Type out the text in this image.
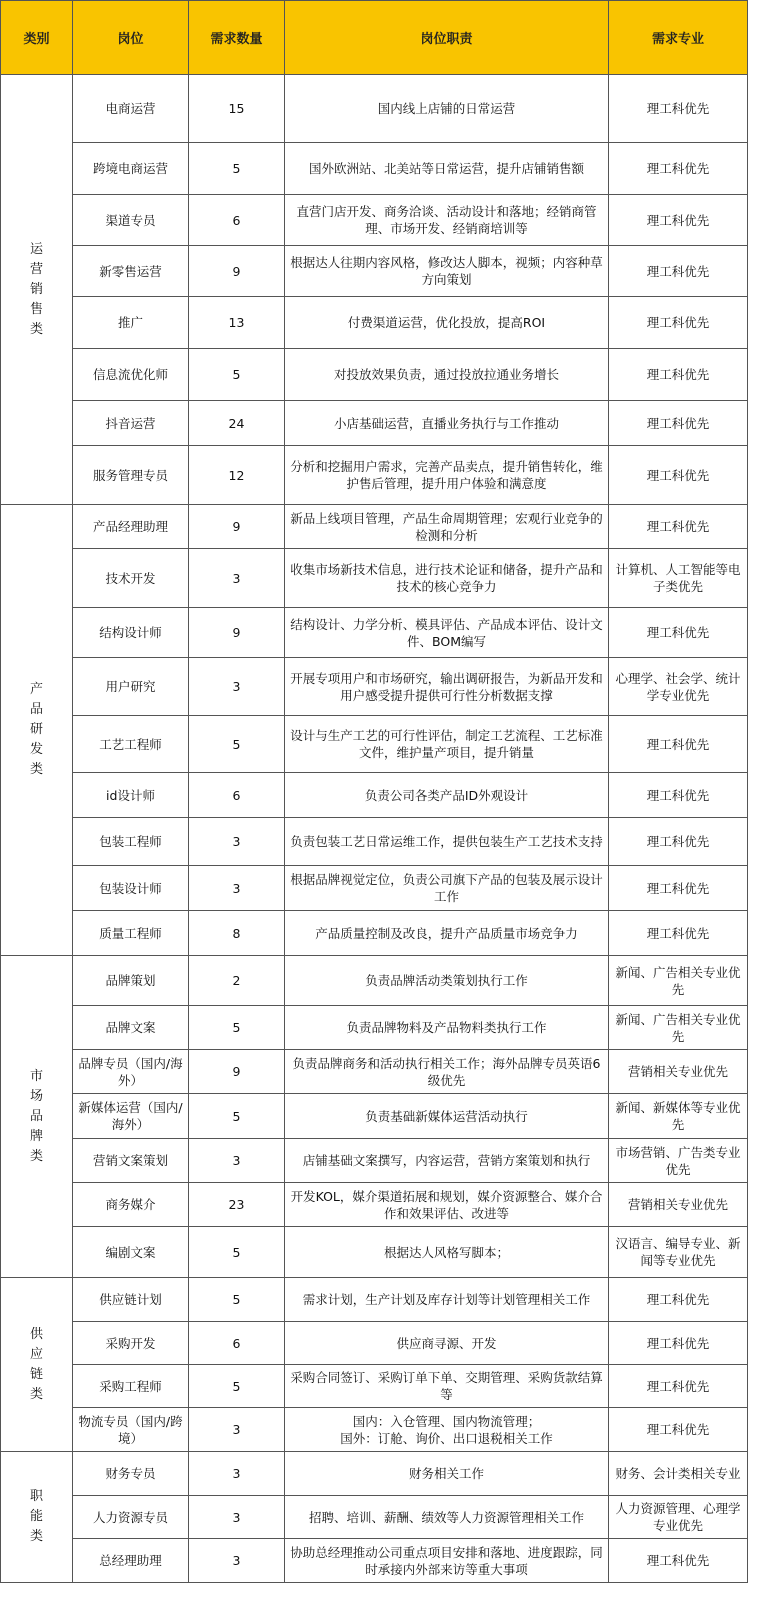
类别	岗位	需求数量	岗位职责	需求专业
运营销售类	电商运营	15	国内线上店铺的日常运营	理工科优先
	跨境电商运营	5	国外欧洲站、北美站等日常运营，提升店铺销售额	理工科优先
	渠道专员	6	直营门店开发、商务洽谈、活动设计和落地；经销商管理、市场开发、经销商培训等	理工科优先
	新零售运营	9	根据达人往期内容风格，修改达人脚本，视频；内容种草方向策划	理工科优先
	推广	13	付费渠道运营，优化投放，提高ROI	理工科优先
	信息流优化师	5	对投放效果负责，通过投放拉通业务增长	理工科优先
	抖音运营	24	小店基础运营，直播业务执行与工作推动	理工科优先
	服务管理专员	12	分析和挖掘用户需求，完善产品卖点，提升销售转化，维护售后管理，提升用户体验和满意度	理工科优先
产品研发类	产品经理助理	9	新品上线项目管理，产品生命周期管理；宏观行业竞争的检测和分析	理工科优先
	技术开发	3	收集市场新技术信息，进行技术论证和储备，提升产品和技术的核心竞争力	计算机、人工智能等电子类优先
	结构设计师	9	结构设计、力学分析、模具评估、产品成本评估、设计文件、BOM编写	理工科优先
	用户研究	3	开展专项用户和市场研究，输出调研报告，为新品开发和用户感受提升提供可行性分析数据支撑	心理学、社会学、统计学专业优先
	工艺工程师	5	设计与生产工艺的可行性评估，制定工艺流程、工艺标准文件，维护量产项目，提升销量	理工科优先
	id设计师	6	负责公司各类产品ID外观设计	理工科优先
	包装工程师	3	负责包装工艺日常运维工作，提供包装生产工艺技术支持	理工科优先
	包装设计师	3	根据品牌视觉定位，负责公司旗下产品的包装及展示设计工作	理工科优先
	质量工程师	8	产品质量控制及改良，提升产品质量市场竞争力	理工科优先
市场品牌类	品牌策划	2	负责品牌活动类策划执行工作	新闻、广告相关专业优先
	品牌文案	5	负责品牌物料及产品物料类执行工作	新闻、广告相关专业优先
	品牌专员（国内/海外）	9	负责品牌商务和活动执行相关工作；海外品牌专员英语6级优先	营销相关专业优先
	新媒体运营（国内/海外）	5	负责基础新媒体运营活动执行	新闻、新媒体等专业优先
	营销文案策划	3	店铺基础文案撰写，内容运营，营销方案策划和执行	市场营销、广告类专业优先
	商务媒介	23	开发KOL，媒介渠道拓展和规划，媒介资源整合、媒介合作和效果评估、改进等	营销相关专业优先
	编剧文案	5	根据达人风格写脚本；	汉语言、编导专业、新闻等专业优先
供应链类	供应链计划	5	需求计划，生产计划及库存计划等计划管理相关工作	理工科优先
	采购开发	6	供应商寻源、开发	理工科优先
	采购工程师	5	采购合同签订、采购订单下单、交期管理、采购货款结算等	理工科优先
	物流专员（国内/跨境）	3	国内：入仓管理、国内物流管理；
国外：订舱、询价、出口退税相关工作	理工科优先
职能类	财务专员	3	财务相关工作	财务、会计类相关专业
	人力资源专员	3	招聘、培训、薪酬、绩效等人力资源管理相关工作	人力资源管理、心理学专业优先
	总经理助理	3	协助总经理推动公司重点项目安排和落地、进度跟踪，同时承接内外部来访等重大事项	理工科优先
